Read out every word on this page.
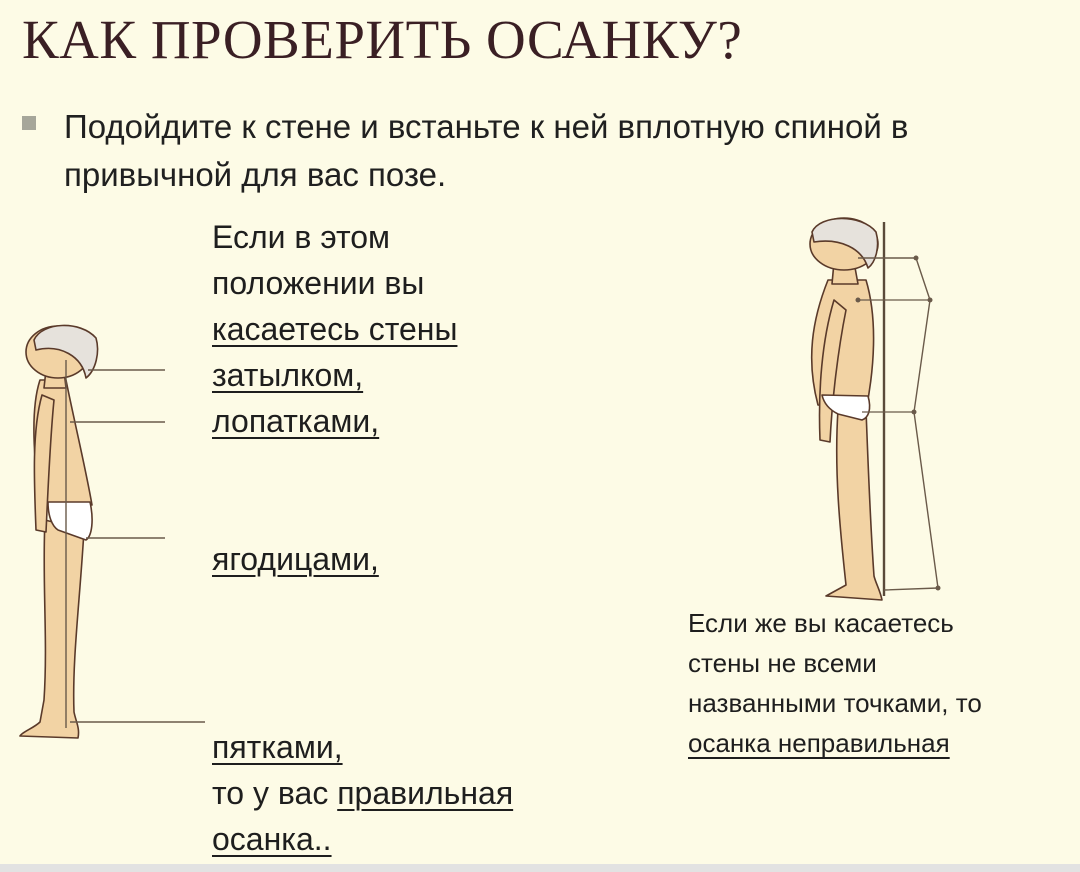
КАК ПРОВЕРИТЬ ОСАНКУ?
Подойдите к стене и встаньте к ней вплотную спиной в привычной для вас позе.
Если в этом
положении вы
касаетесь стены
затылком,
лопатками,
ягодицами,
пятками,
то у вас правильная
осанка..
Если же вы касаетесь
стены не всеми
названными точками, то
осанка неправильная
